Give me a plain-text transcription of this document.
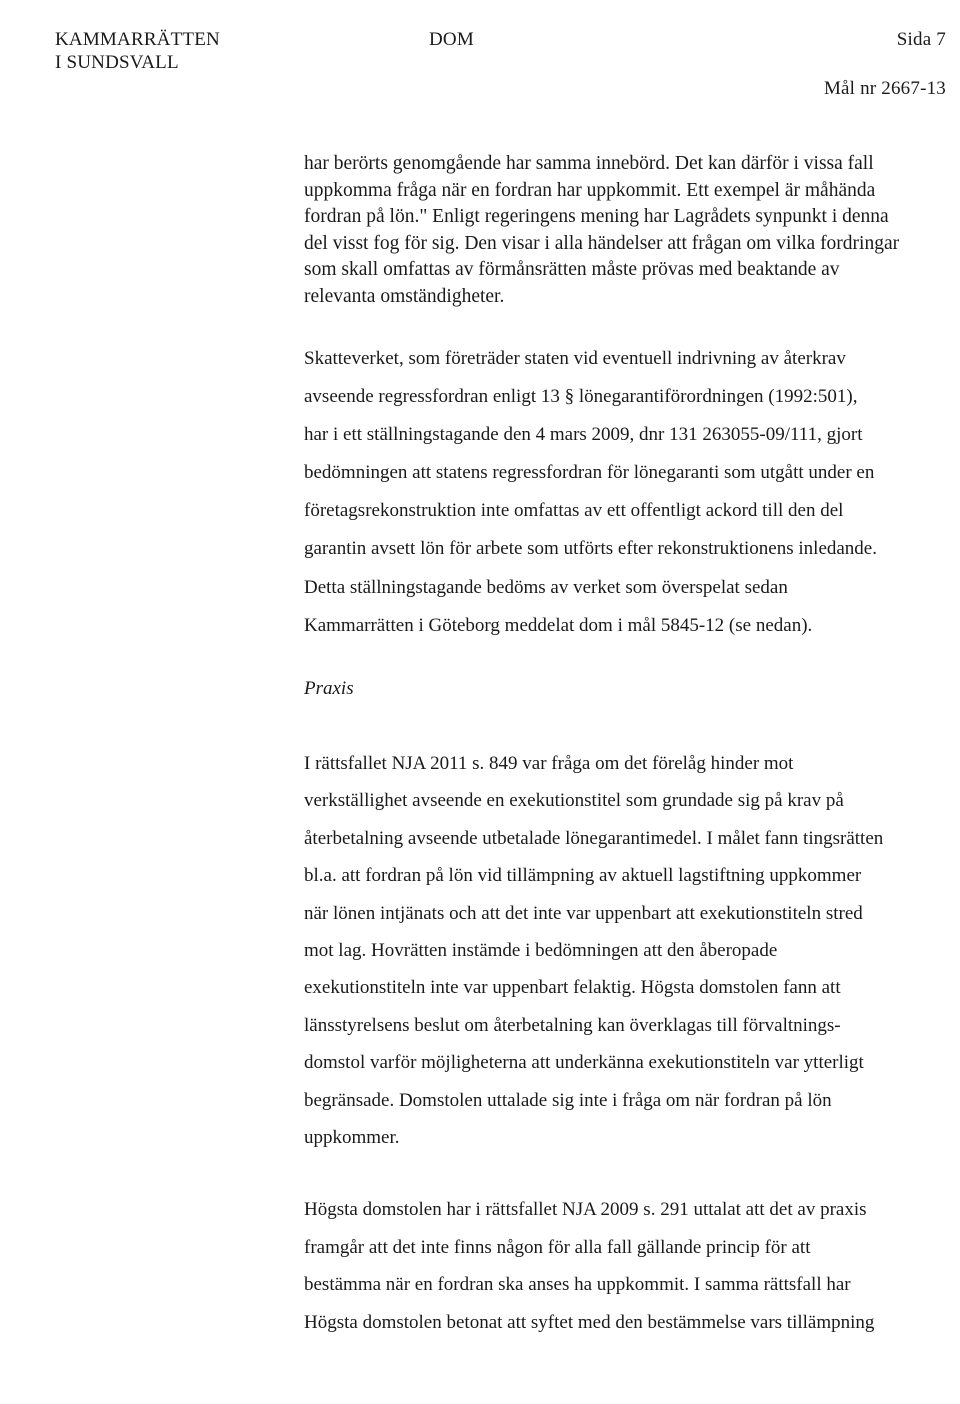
KAMMARRÄTTEN
I SUNDSVALL
DOM	Sida 7
Mål nr 2667-13
har berörts genomgående har samma innebörd. Det kan därför i vissa fall
uppkomma fråga när en fordran har uppkommit. Ett exempel är måhända
fordran på lön." Enligt regeringens mening har Lagrådets synpunkt i denna
del visst fog för sig. Den visar i alla händelser att frågan om vilka fordringar
som skall omfattas av förmånsrätten måste prövas med beaktande av
relevanta omständigheter.
Skatteverket, som företräder staten vid eventuell indrivning av återkrav
avseende regressfordran enligt 13 § lönegarantiförordningen (1992:501),
har i ett ställningstagande den 4 mars 2009, dnr 131 263055-09/111, gjort
bedömningen att statens regressfordran för lönegaranti som utgått under en
företagsrekonstruktion inte omfattas av ett offentligt ackord till den del
garantin avsett lön för arbete som utförts efter rekonstruktionens inledande.
Detta ställningstagande bedöms av verket som överspelat sedan
Kammarrätten i Göteborg meddelat dom i mål 5845-12 (se nedan).
Praxis
I rättsfallet NJA 2011 s. 849 var fråga om det förelåg hinder mot
verkställighet avseende en exekutionstitel som grundade sig på krav på
återbetalning avseende utbetalade lönegarantimedel. I målet fann tingsrätten
bl.a. att fordran på lön vid tillämpning av aktuell lagstiftning uppkommer
när lönen intjänats och att det inte var uppenbart att exekutionstiteln stred
mot lag. Hovrätten instämde i bedömningen att den åberopade
exekutionstiteln inte var uppenbart felaktig. Högsta domstolen fann att
länsstyrelsens beslut om återbetalning kan överklagas till förvaltnings-
domstol varför möjligheterna att underkänna exekutionstiteln var ytterligt
begränsade. Domstolen uttalade sig inte i fråga om när fordran på lön
uppkommer.
Högsta domstolen har i rättsfallet NJA 2009 s. 291 uttalat att det av praxis
framgår att det inte finns någon för alla fall gällande princip för att
bestämma när en fordran ska anses ha uppkommit. I samma rättsfall har
Högsta domstolen betonat att syftet med den bestämmelse vars tillämpning
